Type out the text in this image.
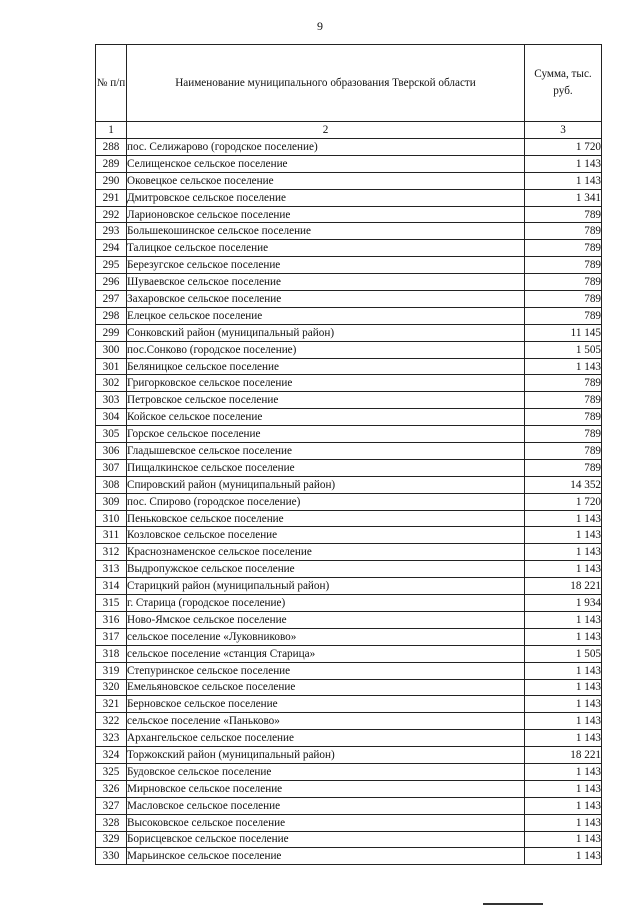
9
№ п/п	Наименование муниципального образования Тверской области	Сумма, тыс. руб.
1	2	3
288	пос. Селижарово (городское поселение)	1 720
289	Селищенское сельское поселение	1 143
290	Оковецкое сельское поселение	1 143
291	Дмитровское сельское поселение	1 341
292	Ларионовское сельское поселение	789
293	Большекошинское сельское поселение	789
294	Талицкое сельское поселение	789
295	Березугское сельское поселение	789
296	Шуваевское сельское поселение	789
297	Захаровское сельское поселение	789
298	Елецкое сельское поселение	789
299	Сонковский район (муниципальный район)	11 145
300	пос.Сонково (городское поселение)	1 505
301	Беляницкое сельское поселение	1 143
302	Григорковское сельское поселение	789
303	Петровское сельское поселение	789
304	Койское сельское поселение	789
305	Горское сельское поселение	789
306	Гладышевское сельское поселение	789
307	Пищалкинское сельское поселение	789
308	Спировский район (муниципальный район)	14 352
309	пос. Спирово (городское поселение)	1 720
310	Пеньковское сельское поселение	1 143
311	Козловское сельское поселение	1 143
312	Краснознаменское сельское поселение	1 143
313	Выдропужское сельское поселение	1 143
314	Старицкий район (муниципальный район)	18 221
315	г. Старица (городское поселение)	1 934
316	Ново-Ямское сельское поселение	1 143
317	сельское поселение «Луковниково»	1 143
318	сельское поселение «станция Старица»	1 505
319	Степуринское сельское поселение	1 143
320	Емельяновское сельское поселение	1 143
321	Берновское сельское поселение	1 143
322	сельское поселение «Паньково»	1 143
323	Архангельское сельское поселение	1 143
324	Торжокский район (муниципальный район)	18 221
325	Будовское сельское поселение	1 143
326	Мирновское сельское поселение	1 143
327	Масловское сельское поселение	1 143
328	Высоковское сельское поселение	1 143
329	Борисцевское сельское поселение	1 143
330	Марьинское сельское поселение	1 143
